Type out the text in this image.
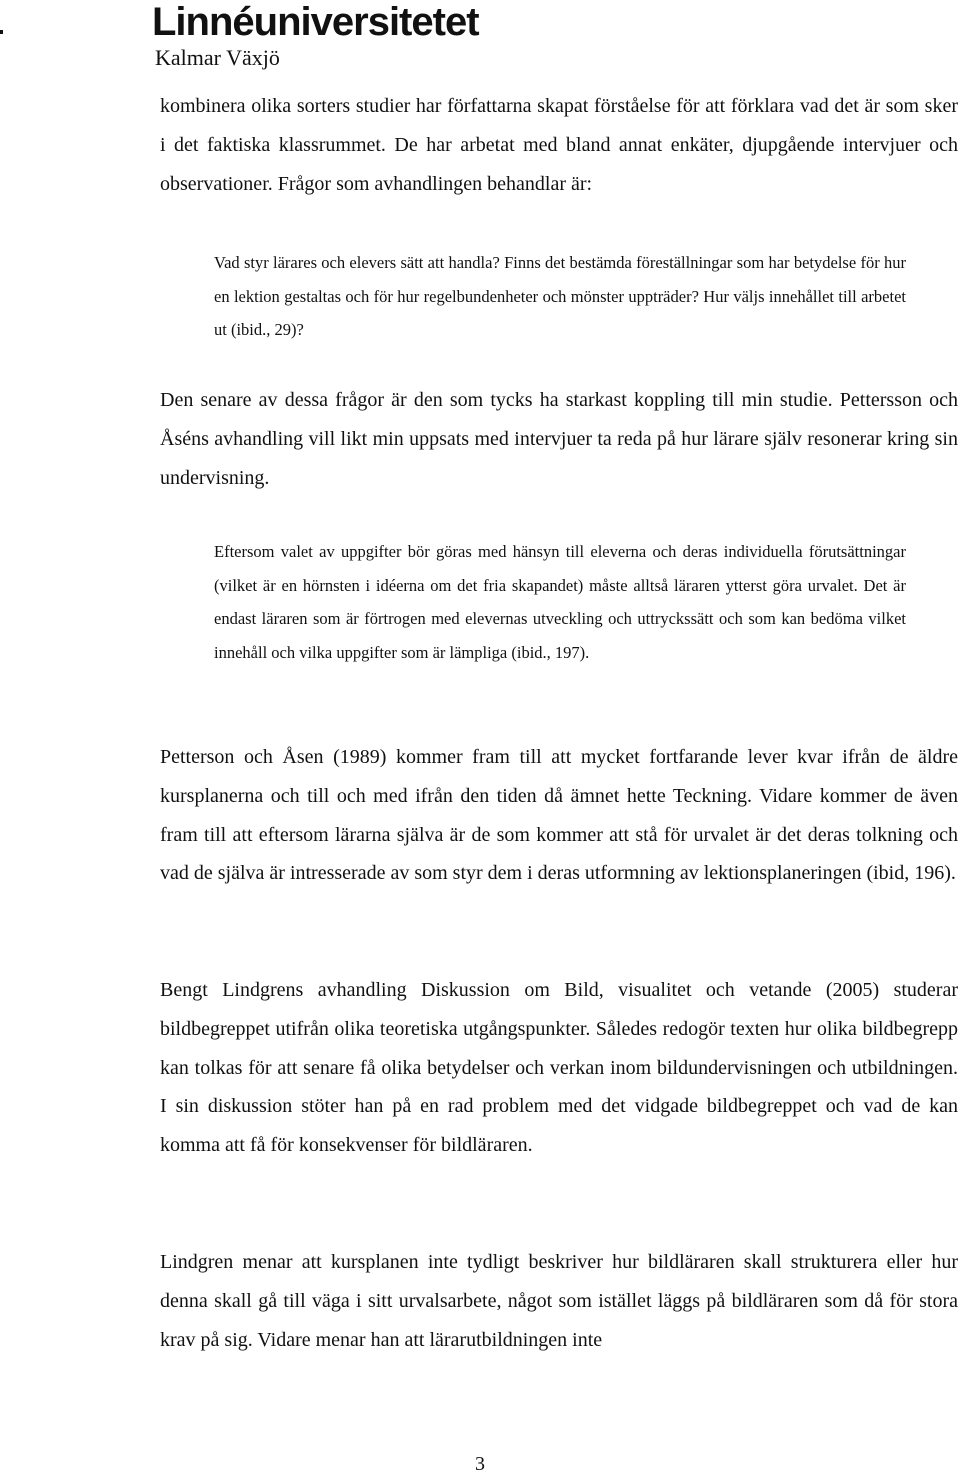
Linnéuniversitetet
Kalmar Växjö

kombinera olika sorters studier har författarna skapat förståelse för att förklara vad det är som sker i det faktiska klassrummet. De har arbetat med bland annat enkäter, djupgående intervjuer och observationer. Frågor som avhandlingen behandlar är:

Vad styr lärares och elevers sätt att handla? Finns det bestämda föreställningar som har betydelse för hur en lektion gestaltas och för hur regelbundenheter och mönster uppträder? Hur väljs innehållet till arbetet ut (ibid., 29)?

Den senare av dessa frågor är den som tycks ha starkast koppling till min studie. Pettersson och Åséns avhandling vill likt min uppsats med intervjuer ta reda på hur lärare själv resonerar kring sin undervisning.

Eftersom valet av uppgifter bör göras med hänsyn till eleverna och deras individuella förutsättningar (vilket är en hörnsten i idéerna om det fria skapandet) måste alltså läraren ytterst göra urvalet. Det är endast läraren som är förtrogen med elevernas utveckling och uttryckssätt och som kan bedöma vilket innehåll och vilka uppgifter som är lämpliga (ibid., 197).

Petterson och Åsen (1989) kommer fram till att mycket fortfarande lever kvar ifrån de äldre kursplanerna och till och med ifrån den tiden då ämnet hette Teckning. Vidare kommer de även fram till att eftersom lärarna själva är de som kommer att stå för urvalet är det deras tolkning och vad de själva är intresserade av som styr dem i deras utformning av lektionsplaneringen (ibid, 196).

Bengt Lindgrens avhandling Diskussion om Bild, visualitet och vetande (2005) studerar bildbegreppet utifrån olika teoretiska utgångspunkter. Således redogör texten hur olika bildbegrepp kan tolkas för att senare få olika betydelser och verkan inom bildundervisningen och utbildningen. I sin diskussion stöter han på en rad problem med det vidgade bildbegreppet och vad de kan komma att få för konsekvenser för bildläraren.

Lindgren menar att kursplanen inte tydligt beskriver hur bildläraren skall strukturera eller hur denna skall gå till väga i sitt urvalsarbete, något som istället läggs på bildläraren som då för stora krav på sig. Vidare menar han att lärarutbildningen inte

3
